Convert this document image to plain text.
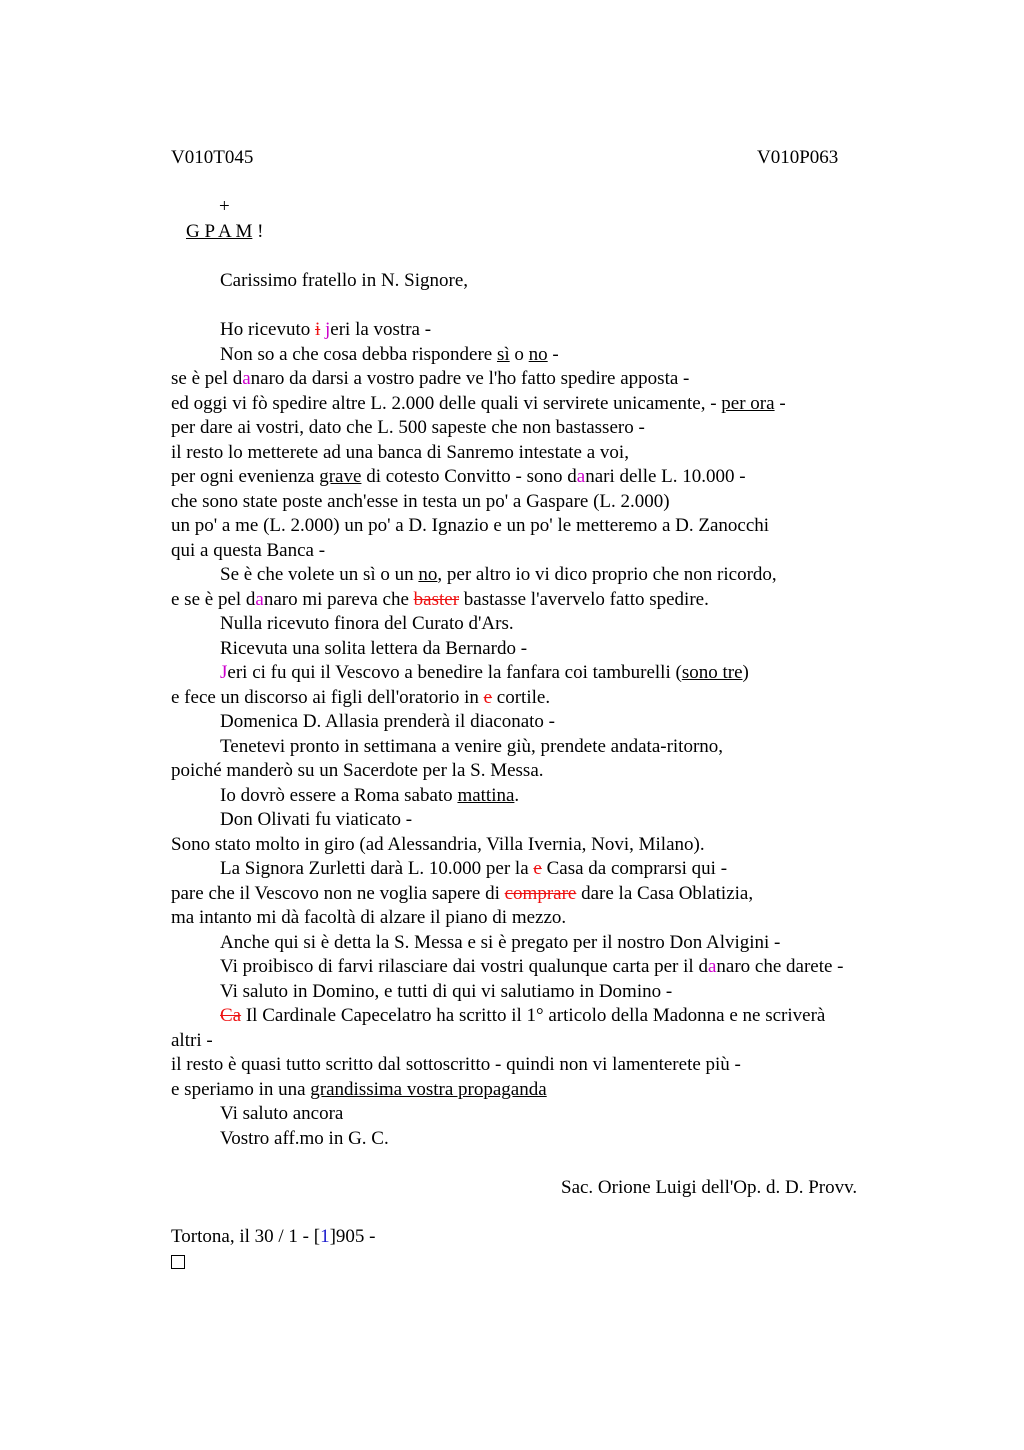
V010T045	V010P063
+
G P A M !
Carissimo fratello in N. Signore,
Ho ricevuto i jeri la vostra -
Non so a che cosa debba rispondere sì o no -
se è pel danaro da darsi a vostro padre ve l'ho fatto spedire apposta -
ed oggi vi fò spedire altre L. 2.000 delle quali vi servirete unicamente, - per ora -
per dare ai vostri, dato che L. 500 sapeste che non bastassero -
il resto lo metterete ad una banca di Sanremo intestate a voi,
per ogni evenienza grave di cotesto Convitto - sono danari delle L. 10.000 -
che sono state poste anch'esse in testa un po' a Gaspare (L. 2.000)
un po' a me (L. 2.000) un po' a D. Ignazio e un po' le metteremo a D. Zanocchi
qui a questa Banca -
Se è che volete un sì o un no, per altro io vi dico proprio che non ricordo,
e se è pel danaro mi pareva che baster bastasse l'avervelo fatto spedire.
Nulla ricevuto finora del Curato d'Ars.
Ricevuta una solita lettera da Bernardo -
Jeri ci fu qui il Vescovo a benedire la fanfara coi tamburelli (sono tre)
e fece un discorso ai figli dell'oratorio in e cortile.
Domenica D. Allasia prenderà il diaconato -
Tenetevi pronto in settimana a venire giù, prendete andata-ritorno,
poiché manderò su un Sacerdote per la S. Messa.
Io dovrò essere a Roma sabato mattina.
Don Olivati fu viaticato -
Sono stato molto in giro (ad Alessandria, Villa Ivernia, Novi, Milano).
La Signora Zurletti darà L. 10.000 per la e Casa da comprarsi qui -
pare che il Vescovo non ne voglia sapere di comprare dare la Casa Oblatizia,
ma intanto mi dà facoltà di alzare il piano di mezzo.
Anche qui si è detta la S. Messa e si è pregato per il nostro Don Alvigini -
Vi proibisco di farvi rilasciare dai vostri qualunque carta per il danaro che darete -
Vi saluto in Domino, e tutti di qui vi salutiamo in Domino -
Ca Il Cardinale Capecelatro ha scritto il 1° articolo della Madonna e ne scriverà
altri -
il resto è quasi tutto scritto dal sottoscritto - quindi non vi lamenterete più -
e speriamo in una grandissima vostra propaganda
Vi saluto ancora
Vostro aff.mo in G. C.
Sac. Orione Luigi dell'Op. d. D. Provv.
Tortona, il 30 / 1 - [1]905 -
